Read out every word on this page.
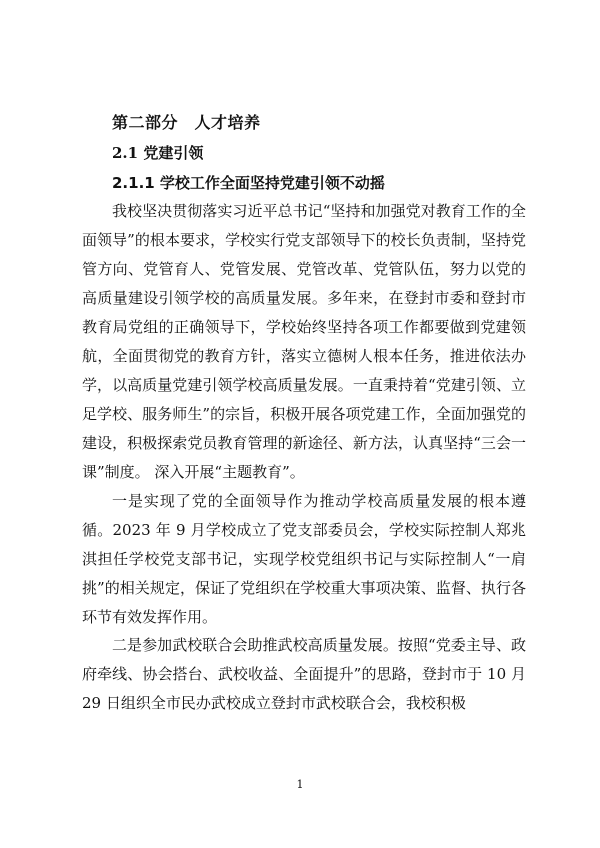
第二部分　人才培养
2.1 党建引领
2.1.1 学校工作全面坚持党建引领不动摇

我校坚决贯彻落实习近平总书记“坚持和加强党对教育工作的全面领导”的根本要求，学校实行党支部领导下的校长负责制，坚持党管方向、党管育人、党管发展、党管改革、党管队伍，努力以党的高质量建设引领学校的高质量发展。多年来，在登封市委和登封市教育局党组的正确领导下，学校始终坚持各项工作都要做到党建领航，全面贯彻党的教育方针，落实立德树人根本任务，推进依法办学，以高质量党建引领学校高质量发展。一直秉持着“党建引领、立足学校、服务师生”的宗旨，积极开展各项党建工作，全面加强党的建设，积极探索党员教育管理的新途径、新方法，认真坚持“三会一课”制度。 深入开展“主题教育”。

一是实现了党的全面领导作为推动学校高质量发展的根本遵循。2023 年 9 月学校成立了党支部委员会，学校实际控制人郑兆淇担任学校党支部书记，实现学校党组织书记与实际控制人“一肩挑”的相关规定，保证了党组织在学校重大事项决策、监督、执行各环节有效发挥作用。

二是参加武校联合会助推武校高质量发展。按照“党委主导、政府牵线、协会搭台、武校收益、全面提升”的思路，登封市于 10 月 29 日组织全市民办武校成立登封市武校联合会，我校积极

1
